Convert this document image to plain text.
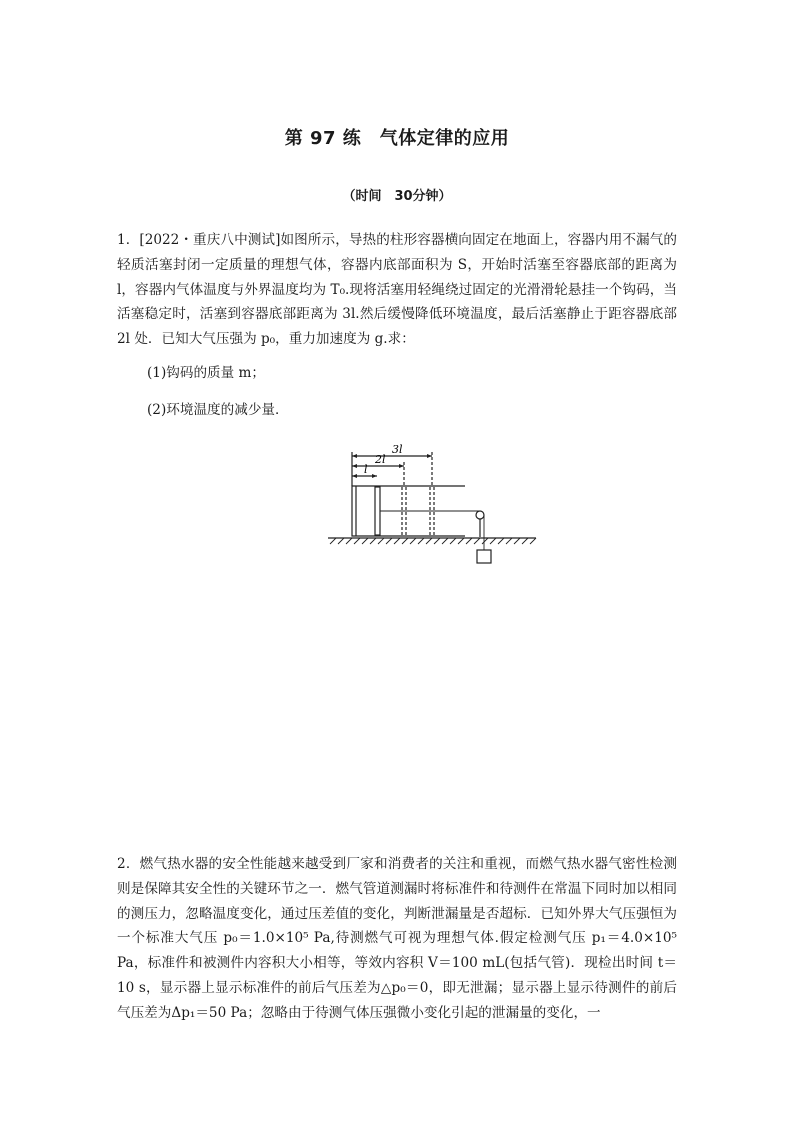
第 97 练　气体定律的应用
（时间　30分钟）

1．[2022・重庆八中测试]如图所示，导热的柱形容器横向固定在地面上，容器内用不漏气的轻质活塞封闭一定质量的理想气体，容器内底部面积为 S，开始时活塞至容器底部的距离为 l，容器内气体温度与外界温度均为 T₀.现将活塞用轻绳绕过固定的光滑滑轮悬挂一个钩码，当活塞稳定时，活塞到容器底部距离为 3l.然后缓慢降低环境温度，最后活塞静止于距容器底部 2l 处．已知大气压强为 p₀，重力加速度为 g.求：

(1)钩码的质量 m；
(2)环境温度的减少量．
3l
2l
l

2．燃气热水器的安全性能越来越受到厂家和消费者的关注和重视，而燃气热水器气密性检测则是保障其安全性的关键环节之一．燃气管道测漏时将标准件和待测件在常温下同时加以相同的测压力，忽略温度变化，通过压差值的变化，判断泄漏量是否超标．已知外界大气压强恒为一个标准大气压 p₀＝1.0×10⁵ Pa,待测燃气可视为理想气体.假定检测气压 p₁＝4.0×10⁵ Pa，标准件和被测件内容积大小相等，等效内容积 V＝100 mL(包括气管)．现检出时间 t＝10 s，显示器上显示标准件的前后气压差为△p₀＝0，即无泄漏；显示器上显示待测件的前后气压差为Δp₁＝50 Pa；忽略由于待测气体压强微小变化引起的泄漏量的变化，一
